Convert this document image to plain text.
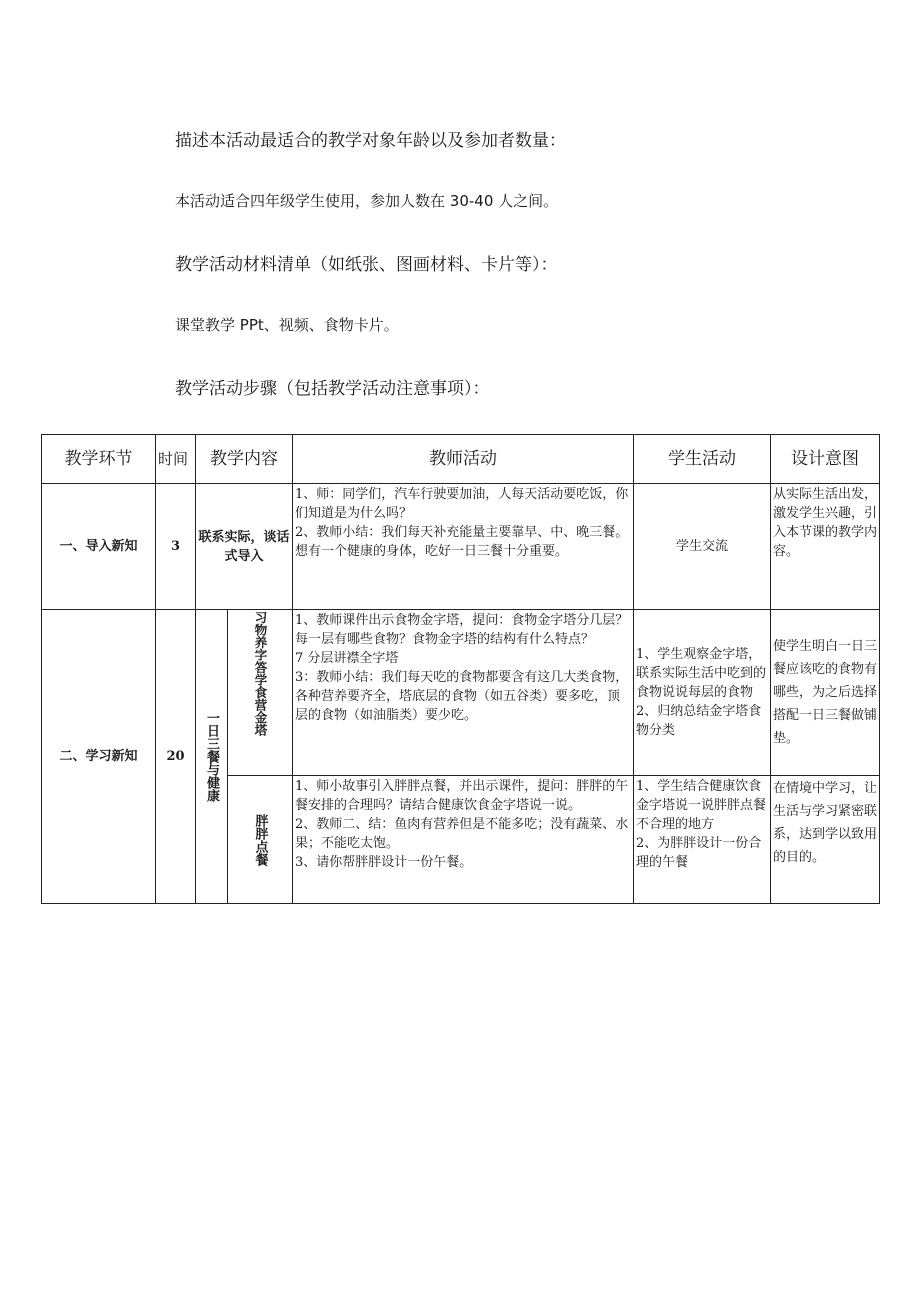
描述本活动最适合的教学对象年龄以及参加者数量：
本活动适合四年级学生使用，参加人数在 30-40 人之间。
教学活动材料清单（如纸张、图画材料、卡片等）：
课堂教学 PPt、视频、食物卡片。
教学活动步骤（包括教学活动注意事项）：
教学环节	时间	教学内容		教师活动	学生活动	设计意图
一、导入新知	3	联系实际，谈话式导入		1、师：同学们，汽车行驶要加油，人每天活动要吃饭，你们知道是为什么吗？
2、教师小结：我们每天补充能量主要靠早、中、晚三餐。想有一个健康的身体，吃好一日三餐十分重要。	学生交流	从实际生活出发，激发学生兴趣，引入本节课的教学内容。
二、学习新知	20	一日三餐与健康	习物养字答学食营金塔	1、教师课件出示食物金字塔，提问：食物金字塔分几层？每一层有哪些食物？食物金字塔的结构有什么特点？
7 分层讲襟全字塔
3：教师小结：我们每天吃的食物都要含有这几大类食物，各种营养要齐全，塔底层的食物（如五谷类）要多吃，顶层的食物（如油脂类）要少吃。	1、学生观察金字塔，联系实际生活中吃到的食物说说每层的食物 2、归纳总结金字塔食物分类	使学生明白一日三餐应该吃的食物有哪些，为之后选择搭配一日三餐做铺垫。

			胖胖点餐	1、师小故事引入胖胖点餐，并出示课件，提问：胖胖的午餐安排的合理吗？请结合健康饮食金字塔说一说。
2、教师二、结：鱼肉有营养但是不能多吃；没有蔬菜、水果；不能吃太饱。
3、请你帮胖胖设计一份午餐。	1、学生结合健康饮食金字塔说一说胖胖点餐不合理的地方
2、为胖胖设计一份合理的午餐	在情境中学习，让生活与学习紧密联系，达到学以致用的目的。
